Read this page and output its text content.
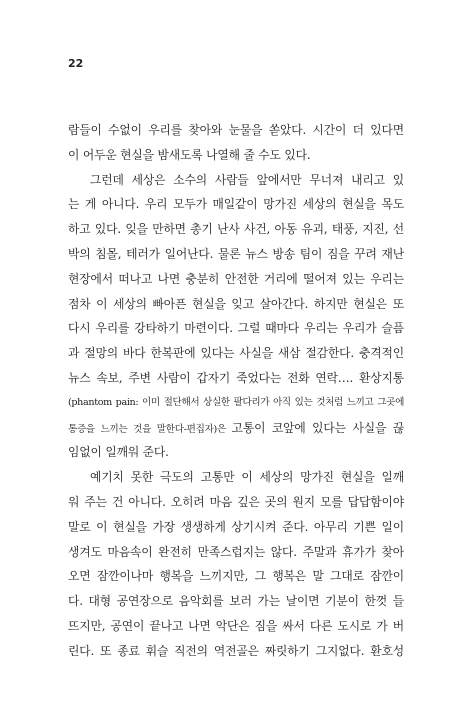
22
람들이 수없이 우리를 찾아와 눈물을 쏟았다. 시간이 더 있다면
이 어두운 현실을 밤새도록 나열해 줄 수도 있다.
그런데 세상은 소수의 사람들 앞에서만 무너져 내리고 있
는 게 아니다. 우리 모두가 매일같이 망가진 세상의 현실을 목도
하고 있다. 잊을 만하면 총기 난사 사건, 아동 유괴, 태풍, 지진, 선
박의 침몰, 테러가 일어난다. 물론 뉴스 방송 팀이 짐을 꾸려 재난
현장에서 떠나고 나면 충분히 안전한 거리에 떨어져 있는 우리는
점차 이 세상의 빠아픈 현실을 잊고 살아간다. 하지만 현실은 또
다시 우리를 강타하기 마련이다. 그럴 때마다 우리는 우리가 슬픔
과 절망의 바다 한복판에 있다는 사실을 새삼 절감한다. 충격적인
뉴스 속보, 주변 사람이 갑자기 죽었다는 전화 연락…. 환상지통
(phantom pain: 이미 절단해서 상실한 팔다리가 아직 있는 것처럼 느끼고 그곳에
통증을 느끼는 것을 말한다-편집자)은 고통이 코앞에 있다는 사실을 끊
임없이 일깨워 준다.
예기치 못한 극도의 고통만 이 세상의 망가진 현실을 일깨
워 주는 건 아니다. 오히려 마음 깊은 곳의 원지 모를 답답함이야
말로 이 현실을 가장 생생하게 상기시켜 준다. 아무리 기쁜 일이
생겨도 마음속이 완전히 만족스럽지는 않다. 주말과 휴가가 찾아
오면 잠깐이나마 행복을 느끼지만, 그 행복은 말 그대로 잠깐이
다. 대형 공연장으로 음악회를 보러 가는 날이면 기분이 한껏 들
뜨지만, 공연이 끝나고 나면 악단은 짐을 싸서 다른 도시로 가 버
린다. 또 종료 휘슬 직전의 역전골은 짜릿하기 그지없다. 환호성
